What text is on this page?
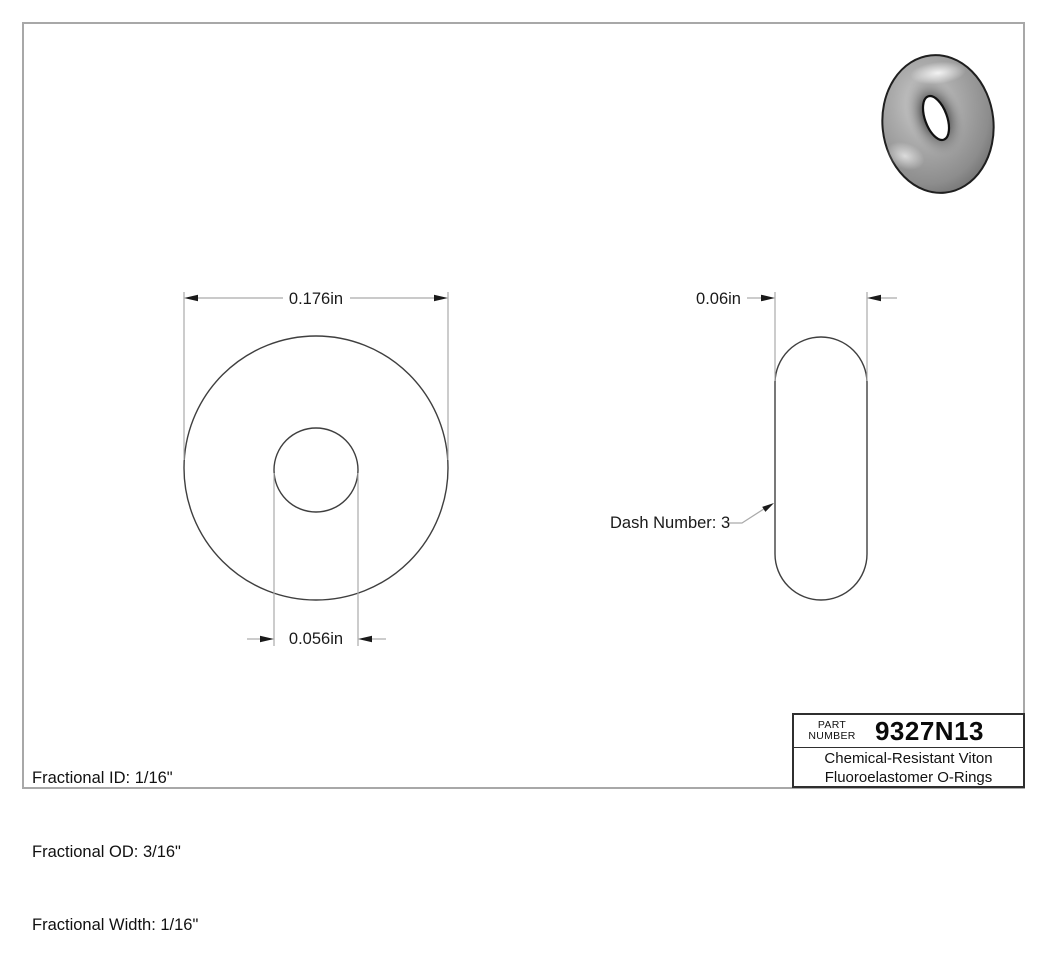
0.176in
0.056in
0.06in
Dash Number: 3

Fractional ID: 1/16"

Fractional OD: 3/16"

Fractional Width: 1/16"

PART
NUMBER 9327N13
Chemical-Resistant Viton
Fluoroelastomer O-Rings
